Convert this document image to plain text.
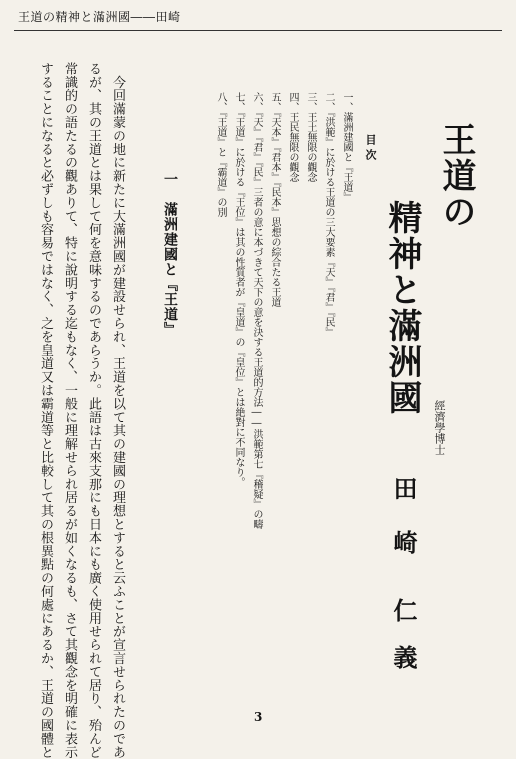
王道の精神と滿洲國――田崎
王道の
精神と滿洲國
經濟學博士
田
崎
仁
義
目次
一、滿洲建國と『王道』
二、『洪範』に於ける王道の三大要素『天』『君』『民』
三、王土無限の觀念
四、王民無限の觀念
五、『天本』『君本』『民本』思想の綜合たる王道
六、『天』『君』『民』三者の意に本づきて天下の意を決する王道的方法――洪範第七『稽疑』の疇
七、『王道』に於ける『王位』は其の性質者が『皇道』の『皇位』とは絶對に不同なり。
八、『王道』と『霸道』の別
一　滿洲建國と『王道』
　今回滿蒙の地に新たに大滿洲國が建設せられ、王道を以て其の建國の理想とすると云ふことが宣言せられたのであ
るが、其の王道とは果して何を意味するのであらうか。此語は古來支那にも日本にも廣く使用せられて居り、殆んど
常識的の語たるの觀ありて、特に說明する迄もなく、一般に理解せられ居るが如くなるも、さて其觀念を明確に表示
することになると必ずしも容易ではなく、之を皇道又は霸道等と比較して其の根異點の何處にあるか、王道の國體と	3
